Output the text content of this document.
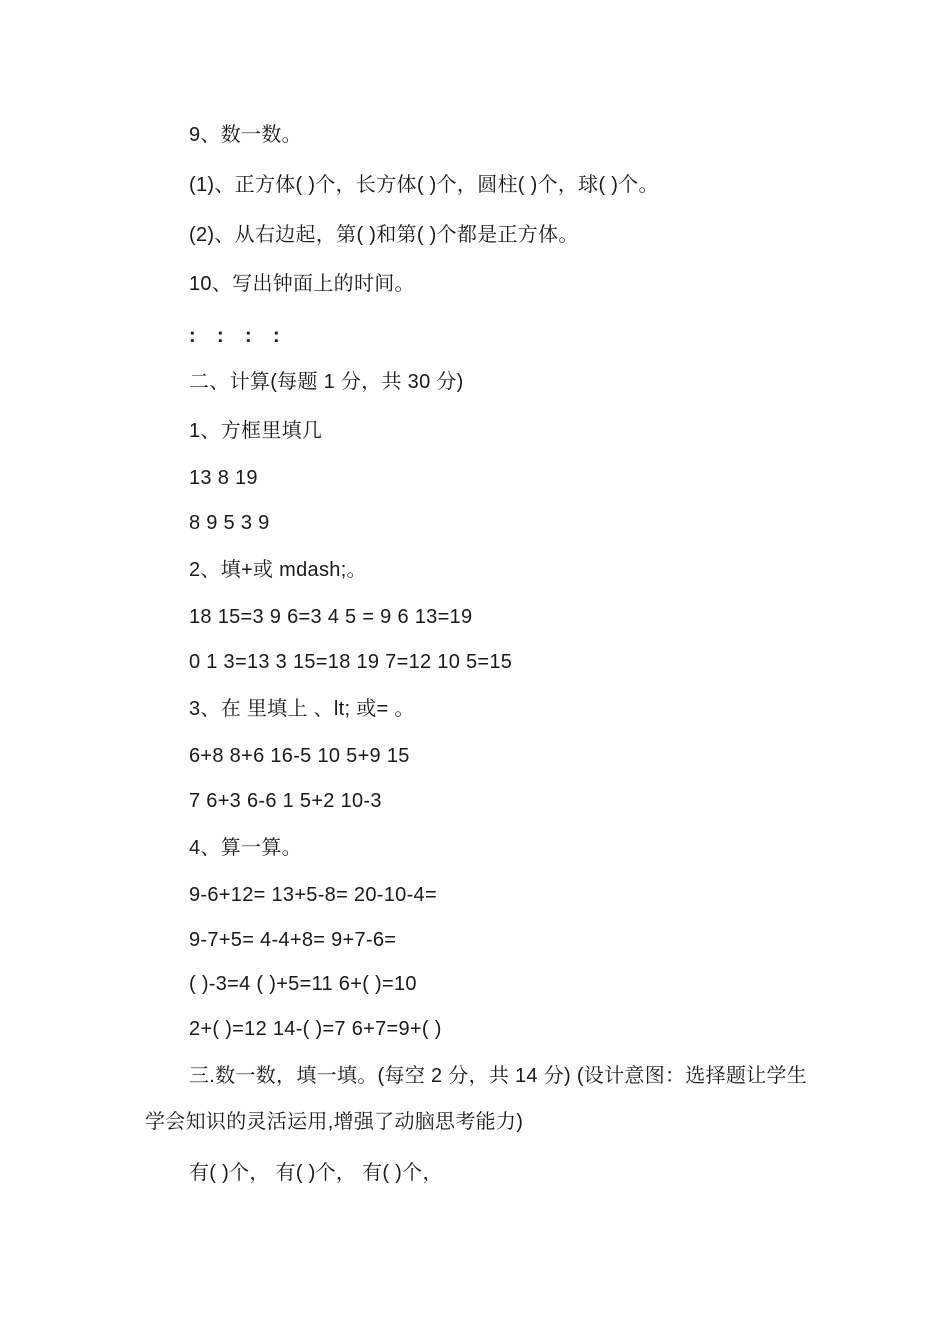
9、数一数。
(1)、正方体( )个，长方体( )个，圆柱( )个，球( )个。
(2)、从右边起，第( )和第( )个都是正方体。
10、写出钟面上的时间。
: : : :
二、计算(每题 1 分，共 30 分)
1、方框里填几
13 8 19
8 9 5 3 9
2、填+或 mdash;。
18 15=3 9 6=3 4 5 = 9 6 13=19
0 1 3=13 3 15=18 19 7=12 10 5=15
3、在 里填上 、lt; 或= 。
6+8 8+6 16-5 10 5+9 15
7 6+3 6-6 1 5+2 10-3
4、算一算。
9-6+12= 13+5-8= 20-10-4=
9-7+5= 4-4+8= 9+7-6=
( )-3=4 ( )+5=11 6+( )=10
2+( )=12 14-( )=7 6+7=9+( )
三.数一数，填一填。(每空 2 分，共 14 分) (设计意图：选择题让学生学会知识的灵活运用,增强了动脑思考能力)
有( )个， 有( )个， 有( )个，
